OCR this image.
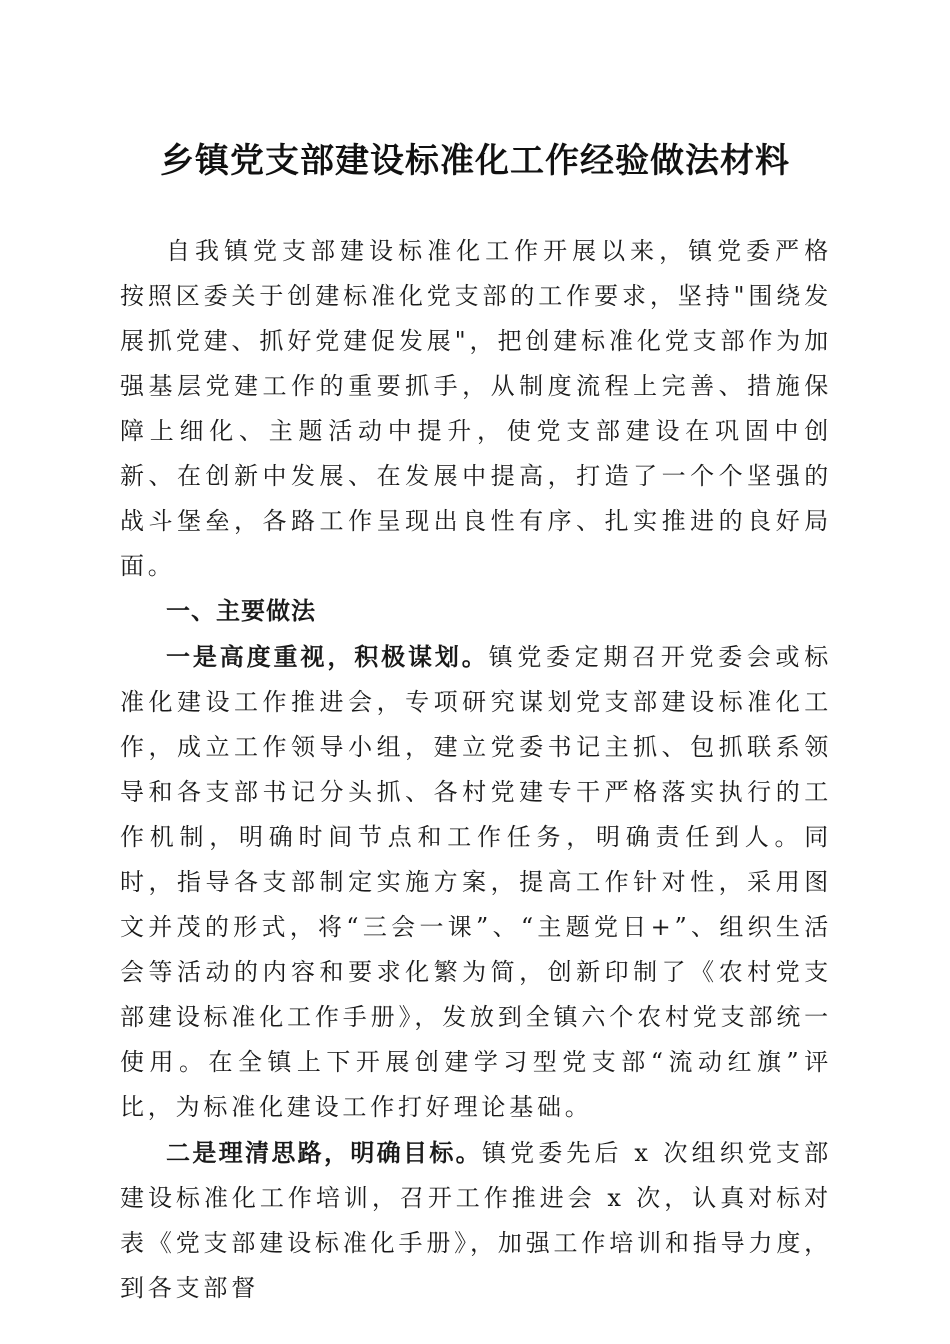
乡镇党支部建设标准化工作经验做法材料

自我镇党支部建设标准化工作开展以来，镇党委严格按照区委关于创建标准化党支部的工作要求，坚持"围绕发展抓党建、抓好党建促发展"，把创建标准化党支部作为加强基层党建工作的重要抓手，从制度流程上完善、措施保障上细化、主题活动中提升，使党支部建设在巩固中创新、在创新中发展、在发展中提高，打造了一个个坚强的战斗堡垒，各路工作呈现出良性有序、扎实推进的良好局面。

一、主要做法

一是高度重视，积极谋划。镇党委定期召开党委会或标准化建设工作推进会，专项研究谋划党支部建设标准化工作，成立工作领导小组，建立党委书记主抓、包抓联系领导和各支部书记分头抓、各村党建专干严格落实执行的工作机制，明确时间节点和工作任务，明确责任到人。同时，指导各支部制定实施方案，提高工作针对性，采用图文并茂的形式，将“三会一课”、“主题党日+”、组织生活会等活动的内容和要求化繁为简，创新印制了《农村党支部建设标准化工作手册》，发放到全镇六个农村党支部统一使用。在全镇上下开展创建学习型党支部“流动红旗”评比，为标准化建设工作打好理论基础。

二是理清思路，明确目标。镇党委先后 x 次组织党支部建设标准化工作培训，召开工作推进会 x 次，认真对标对表《党支部建设标准化手册》，加强工作培训和指导力度，到各支部督
